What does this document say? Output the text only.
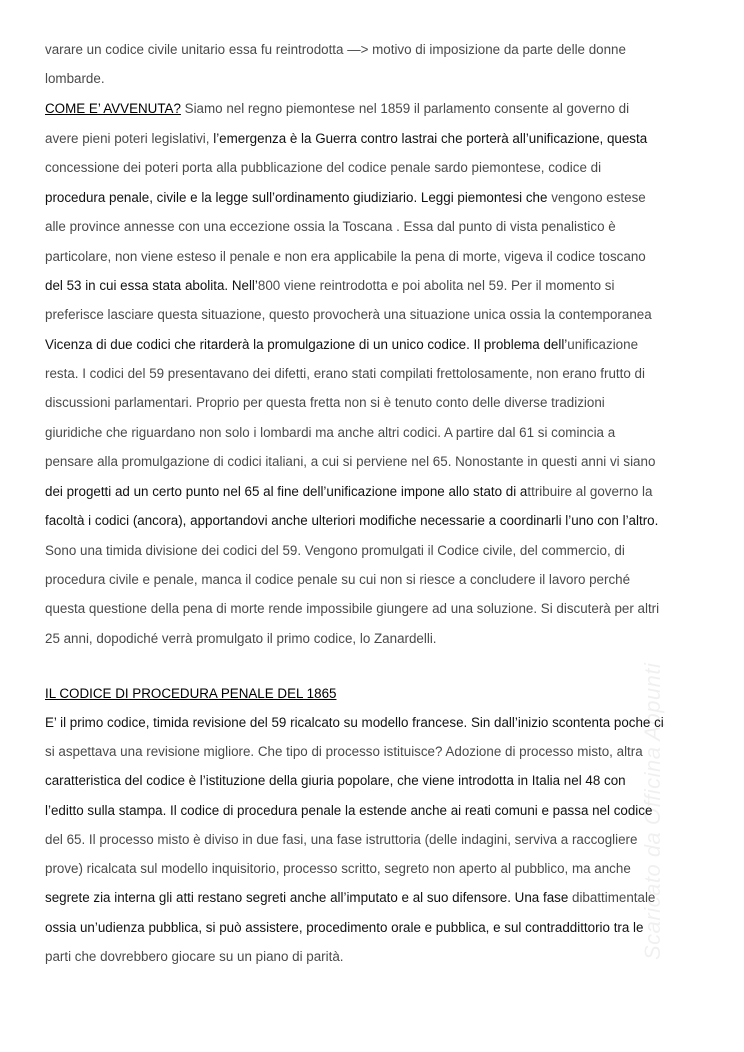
varare un codice civile unitario essa fu reintrodotta —> motivo di imposizione da parte delle donne
lombarde.
COME E’ AVVENUTA? Siamo nel regno piemontese nel 1859 il parlamento consente al governo di
avere pieni poteri legislativi, l’emergenza è la Guerra contro lastrai che porterà all’unificazione, questa
concessione dei poteri porta alla pubblicazione del codice penale sardo piemontese, codice di
procedura penale, civile e la legge sull’ordinamento giudiziario. Leggi piemontesi che vengono estese
alle province annesse con una eccezione ossia la Toscana . Essa dal punto di vista penalistico è
particolare, non viene esteso il penale e non era applicabile la pena di morte, vigeva il codice toscano
del 53 in cui essa stata abolita. Nell’800 viene reintrodotta e poi abolita nel 59. Per il momento si
preferisce lasciare questa situazione, questo provocherà una situazione unica ossia la contemporanea
Vicenza di due codici che ritarderà la promulgazione di un unico codice. Il problema dell’unificazione
resta. I codici del 59 presentavano dei difetti, erano stati compilati frettolosamente, non erano frutto di
discussioni parlamentari. Proprio per questa fretta non si è tenuto conto delle diverse tradizioni
giuridiche che riguardano non solo i lombardi ma anche altri codici. A partire dal 61 si comincia a
pensare alla promulgazione di codici italiani, a cui si perviene nel 65. Nonostante in questi anni vi siano
dei progetti ad un certo punto nel 65 al fine dell’unificazione impone allo stato di attribuire al governo la
facoltà i codici (ancora), apportandovi anche ulteriori modifiche necessarie a coordinarli l’uno con l’altro.
Sono una timida divisione dei codici del 59. Vengono promulgati il Codice civile, del commercio, di
procedura civile e penale, manca il codice penale su cui non si riesce a concludere il lavoro perché
questa questione della pena di morte rende impossibile giungere ad una soluzione. Si discuterà per altri
25 anni, dopodiché verrà promulgato il primo codice, lo Zanardelli.
IL CODICE DI PROCEDURA PENALE DEL 1865
E’ il primo codice, timida revisione del 59 ricalcato su modello francese. Sin dall’inizio scontenta poche ci
si aspettava una revisione migliore. Che tipo di processo istituisce? Adozione di processo misto, altra
caratteristica del codice è l’istituzione della giuria popolare, che viene introdotta in Italia nel 48 con
l’editto sulla stampa. Il codice di procedura penale la estende anche ai reati comuni e passa nel codice
del 65. Il processo misto è diviso in due fasi, una fase istruttoria (delle indagini, serviva a raccogliere
prove) ricalcata sul modello inquisitorio, processo scritto, segreto non aperto al pubblico, ma anche
segrete zia interna gli atti restano segreti anche all’imputato e al suo difensore. Una fase dibattimentale
ossia un’udienza pubblica, si può assistere, procedimento orale e pubblica, e sul contraddittorio tra le
parti che dovrebbero giocare su un piano di parità.	Scaricato da Officina Appunti
